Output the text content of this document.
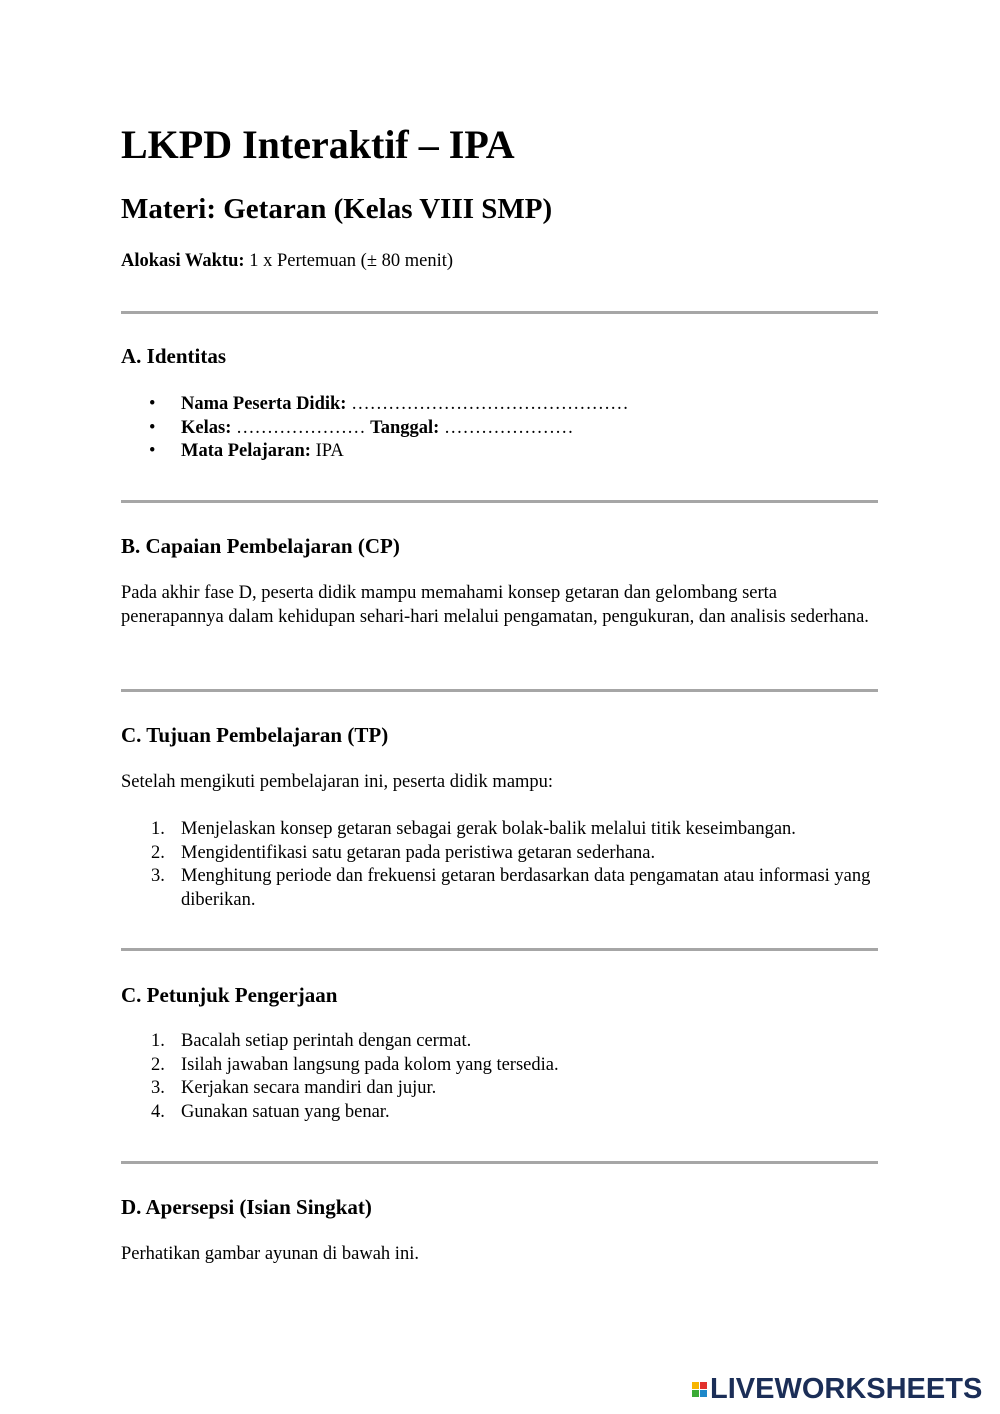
LKPD Interaktif – IPA
Materi: Getaran (Kelas VIII SMP)
Alokasi Waktu: 1 x Pertemuan (± 80 menit)
A. Identitas
• Nama Peserta Didik: ………………………………………
• Kelas: ………………… Tanggal: …………………
• Mata Pelajaran: IPA
B. Capaian Pembelajaran (CP)
Pada akhir fase D, peserta didik mampu memahami konsep getaran dan gelombang serta penerapannya dalam kehidupan sehari-hari melalui pengamatan, pengukuran, dan analisis sederhana.
C. Tujuan Pembelajaran (TP)
Setelah mengikuti pembelajaran ini, peserta didik mampu:
1. Menjelaskan konsep getaran sebagai gerak bolak-balik melalui titik keseimbangan.
2. Mengidentifikasi satu getaran pada peristiwa getaran sederhana.
3. Menghitung periode dan frekuensi getaran berdasarkan data pengamatan atau informasi yang diberikan.
C. Petunjuk Pengerjaan
1. Bacalah setiap perintah dengan cermat.
2. Isilah jawaban langsung pada kolom yang tersedia.
3. Kerjakan secara mandiri dan jujur.
4. Gunakan satuan yang benar.
D. Apersepsi (Isian Singkat)
Perhatikan gambar ayunan di bawah ini.
LIVEWORKSHEETS
